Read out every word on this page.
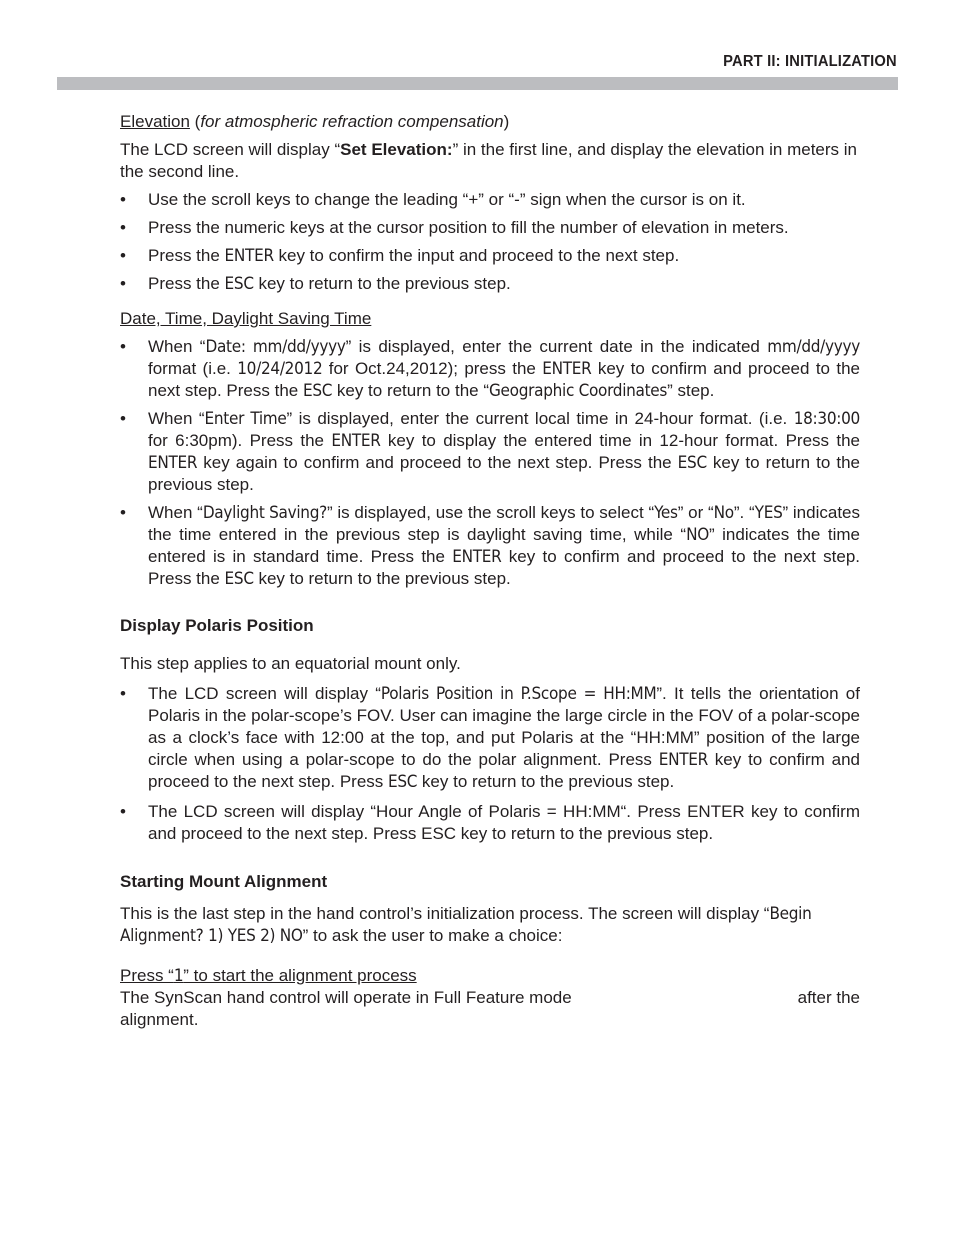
PART II: INITIALIZATION

Elevation (for atmospheric refraction compensation)

The LCD screen will display “Set Elevation:” in the first line, and display the elevation in meters in the second line.

• Use the scroll keys to change the leading “+” or “-” sign when the cursor is on it.
• Press the numeric keys at the cursor position to fill the number of elevation in meters.
• Press the ENTER key to confirm the input and proceed to the next step.
• Press the ESC key to return to the previous step.

Date, Time, Daylight Saving Time

• When “Date: mm/dd/yyyy” is displayed, enter the current date in the indicated mm/dd/yyyy format (i.e. 10/24/2012 for Oct.24,2012); press the ENTER key to confirm and proceed to the next step. Press the ESC key to return to the “Geographic Coordinates” step.
• When “Enter Time” is displayed, enter the current local time in 24-hour format. (i.e. 18:30:00 for 6:30pm). Press the ENTER key to display the entered time in 12-hour format. Press the ENTER key again to confirm and proceed to the next step. Press the ESC key to return to the previous step.
• When “Daylight Saving?” is displayed, use the scroll keys to select “Yes” or “No”. “YES” indicates the time entered in the previous step is daylight saving time, while “NO” indicates the time entered is in standard time. Press the ENTER key to confirm and proceed to the next step. Press the ESC key to return to the previous step.

Display Polaris Position

This step applies to an equatorial mount only.

• The LCD screen will display “Polaris Position in P.Scope = HH:MM”. It tells the orientation of Polaris in the polar-scope’s FOV. User can imagine the large circle in the FOV of a polar-scope as a clock’s face with 12:00 at the top, and put Polaris at the “HH:MM” position of the large circle when using a polar-scope to do the polar alignment. Press ENTER key to confirm and proceed to the next step. Press ESC key to return to the previous step.
• The LCD screen will display “Hour Angle of Polaris = HH:MM“. Press ENTER key to confirm and proceed to the next step. Press ESC key to return to the previous step.

Starting Mount Alignment

This is the last step in the hand control’s initialization process. The screen will display “Begin Alignment? 1) YES 2) NO” to ask the user to make a choice:

Press “1” to start the alignment process

The SynScan hand control will operate in Full Feature mode	after the

alignment.
